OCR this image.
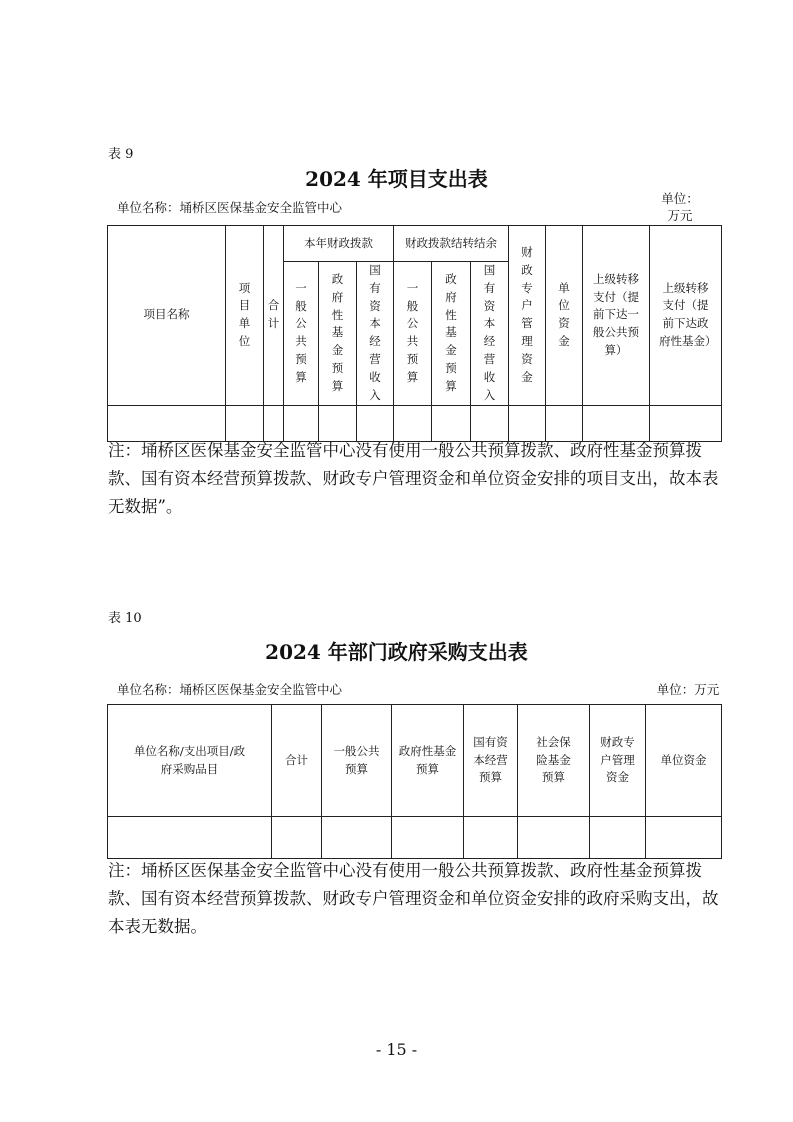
表 9
2024 年项目支出表
单位名称：埇桥区医保基金安全监管中心
单位：万元
项目名称	项目单位	合计	本年财政拨款			财政拨款结转结余			财政专户管理资金	单位资金	上级转移支付（提前下达一般公共预算）	上级转移支付（提前下达政府性基金）

			一般公共预算	政府性基金预算	国有资本经营收入	一般公共预算	政府性基金预算	国有资本经营收入				

注：埇桥区医保基金安全监管中心没有使用一般公共预算拨款、政府性基金预算拨款、国有资本经营预算拨款、财政专户管理资金和单位资金安排的项目支出，故本表无数据”。
表 10
2024 年部门政府采购支出表
单位名称：埇桥区医保基金安全监管中心	单位：万元
单位名称/支出项目/政府采购品目	合计	一般公共预算	政府性基金预算	国有资本经营预算	社会保险基金预算	财政专户管理资金	单位资金

注：埇桥区医保基金安全监管中心没有使用一般公共预算拨款、政府性基金预算拨款、国有资本经营预算拨款、财政专户管理资金和单位资金安排的政府采购支出，故本表无数据。
- 15 -
